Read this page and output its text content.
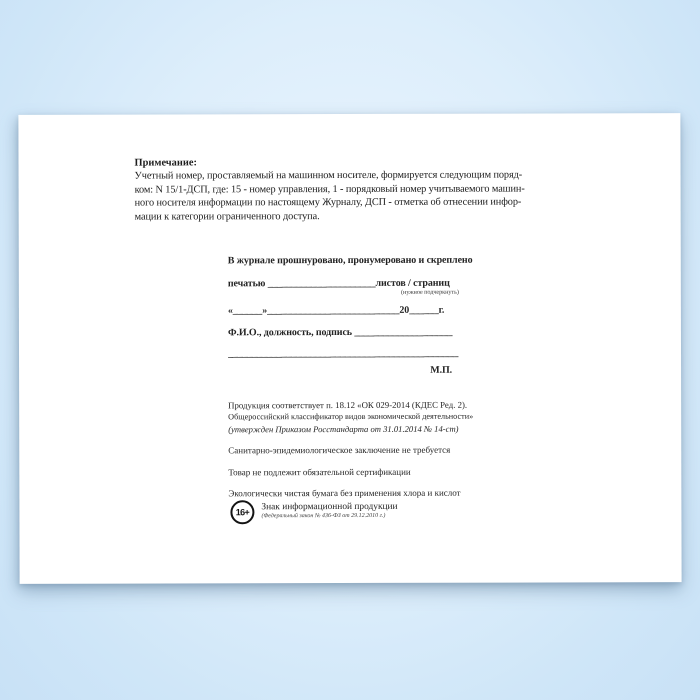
Примечание:
Учетный номер, проставляемый на машинном носителе, формируется следующим поряд-
ком: N 15/1-ДСП, где: 15 - номер управления, 1 - порядковый номер учитываемого машин-
ного носителя информации по настоящему Журналу, ДСП - отметка об отнесении инфор-
мации к категории ограниченного доступа.
В журнале прошнуровано, пронумеровано и скреплено
печатью ______________________листов / страниц
(нужное подчеркнуть)
«______»___________________________20______г.
Ф.И.О., должность, подпись ____________________
_______________________________________________
М.П.
Продукция соответствует п. 18.12 «ОК 029-2014 (КДЕС Ред. 2).
Общероссийский классификатор видов экономической деятельности»
(утвержден Приказом Росстандарта от 31.01.2014 № 14-ст)
Санитарно-эпидемиологическое заключение не требуется
Товар не подлежит обязательной сертификации
Экологически чистая бумага без применения хлора и кислот
16+
Знак информационной продукции
(Федеральный закон № 436-ФЗ от 29.12.2010 г.)
